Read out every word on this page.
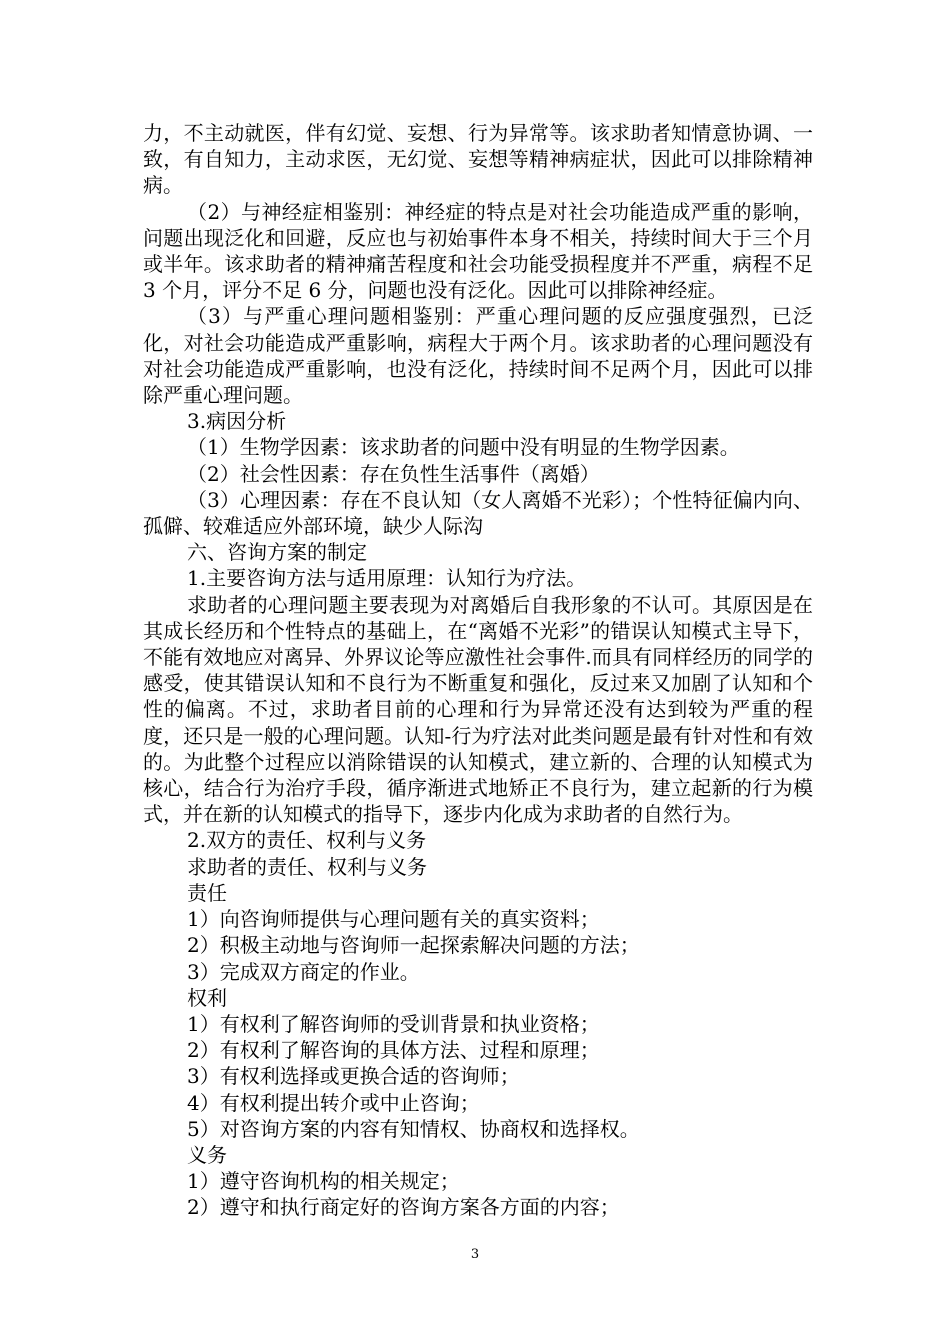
力，不主动就医，伴有幻觉、妄想、行为异常等。该求助者知情意协调、一致，有自知力，主动求医，无幻觉、妄想等精神病症状，因此可以排除精神病。

（2）与神经症相鉴别：神经症的特点是对社会功能造成严重的影响，问题出现泛化和回避，反应也与初始事件本身不相关，持续时间大于三个月或半年。该求助者的精神痛苦程度和社会功能受损程度并不严重，病程不足 3 个月，评分不足 6 分，问题也没有泛化。因此可以排除神经症。

（3）与严重心理问题相鉴别：严重心理问题的反应强度强烈，已泛化，对社会功能造成严重影响，病程大于两个月。该求助者的心理问题没有对社会功能造成严重影响，也没有泛化，持续时间不足两个月，因此可以排除严重心理问题。

3.病因分析

（1）生物学因素：该求助者的问题中没有明显的生物学因素。

（2）社会性因素：存在负性生活事件（离婚）

（3）心理因素：存在不良认知（女人离婚不光彩）；个性特征偏内向、孤僻、较难适应外部环境，缺少人际沟

六、咨询方案的制定

1.主要咨询方法与适用原理：认知行为疗法。

求助者的心理问题主要表现为对离婚后自我形象的不认可。其原因是在其成长经历和个性特点的基础上，在“离婚不光彩”的错误认知模式主导下，不能有效地应对离异、外界议论等应激性社会事件.而具有同样经历的同学的感受，使其错误认知和不良行为不断重复和强化，反过来又加剧了认知和个性的偏离。不过，求助者目前的心理和行为异常还没有达到较为严重的程度，还只是一般的心理问题。认知-行为疗法对此类问题是最有针对性和有效的。为此整个过程应以消除错误的认知模式，建立新的、合理的认知模式为核心，结合行为治疗手段，循序渐进式地矫正不良行为，建立起新的行为模式，并在新的认知模式的指导下，逐步内化成为求助者的自然行为。

2.双方的责任、权利与义务

求助者的责任、权利与义务

责任

1）向咨询师提供与心理问题有关的真实资料；

2）积极主动地与咨询师一起探索解决问题的方法；

3）完成双方商定的作业。

权利

1）有权利了解咨询师的受训背景和执业资格；

2）有权利了解咨询的具体方法、过程和原理；

3）有权利选择或更换合适的咨询师；

4）有权利提出转介或中止咨询；

5）对咨询方案的内容有知情权、协商权和选择权。

义务

1）遵守咨询机构的相关规定；

2）遵守和执行商定好的咨询方案各方面的内容；

3
